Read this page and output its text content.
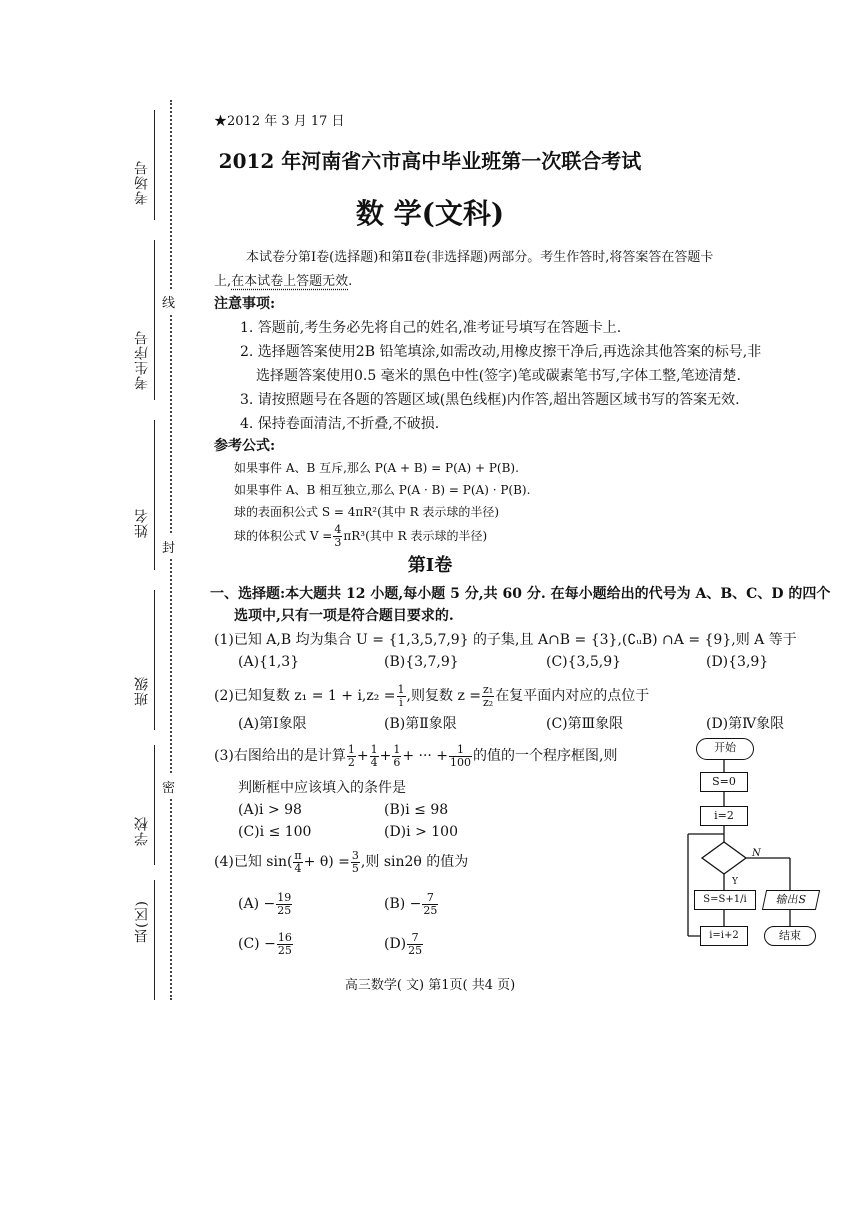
考场号
考生序号
姓名
班级
学校
县(区)
线
封
密
★2012 年 3 月 17 日
2012 年河南省六市高中毕业班第一次联合考试
数 学(文科)
本试卷分第Ⅰ卷(选择题)和第Ⅱ卷(非选择题)两部分。考生作答时,将答案答在答题卡
上,在本试卷上答题无效.
注意事项:
1. 答题前,考生务必先将自己的姓名,准考证号填写在答题卡上.
2. 选择题答案使用2B 铅笔填涂,如需改动,用橡皮擦干净后,再选涂其他答案的标号,非
选择题答案使用0.5 毫米的黑色中性(签字)笔或碳素笔书写,字体工整,笔迹清楚.
3. 请按照题号在各题的答题区域(黑色线框)内作答,超出答题区域书写的答案无效.
4. 保持卷面清洁,不折叠,不破损.
参考公式:
如果事件 A、B 互斥,那么 P(A + B) = P(A) + P(B).
如果事件 A、B 相互独立,那么 P(A · B) = P(A) · P(B).
球的表面积公式 S = 4πR²(其中 R 表示球的半径)
球的体积公式 $V = \frac{4}{3} \pi R^3$(其中 R 表示球的半径)
第Ⅰ卷
一、选择题:本大题共 12 小题,每小题 5 分,共 60 分. 在每小题给出的代号为 A、B、C、D 的四个
选项中,只有一项是符合题目要求的.
(1)已知 A,B 均为集合 U = {1,3,5,7,9} 的子集,且 A∩B = {3},(∁ᵤB) ∩A = {9},则 A 等于
(A){1,3}	(B){3,7,9}	(C){3,5,9}	(D){3,9}
(2)已知复数 $z_1 = 1 + i,z_2 = \frac{1}{i}$ ,则复数 $z = \frac{\text{z₁}}{\text{z₂}}$ 在复平面内对应的点位于
(A)第Ⅰ象限	(B)第Ⅱ象限	(C)第Ⅲ象限	(D)第Ⅳ象限
(3)右图给出的是计算 $\frac{1}{2} + \frac{1}{4} + \frac{1}{6}$ + ··· + $\frac{1}{100}$ 的值的一个程序框图,则
判断框中应该填入的条件是
(A)i > 98	(B)i ≤ 98
(C)i ≤ 100	(D)i > 100
(4)已知 $\sin( \frac{\pi}{4} + \theta) = \frac{3}{5}$ ,则 sin2θ 的值为
$(A) - \frac{19}{25}$	$(B) - \frac{7}{25}$
$(C) - \frac{16}{25}$	$(D) \frac{7}{25}$
开始
S=0
i=2
N
Y
S=S+1/i	输出S
i=i+2	结束
高三数学( 文) 第1页( 共4 页)
